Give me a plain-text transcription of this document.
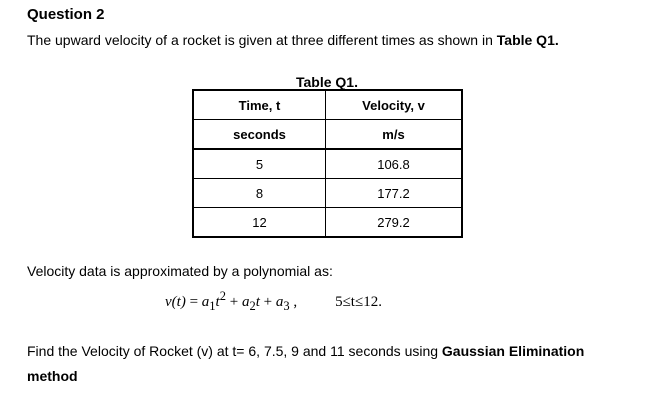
Question 2
The upward velocity of a rocket is given at three different times as shown in Table Q1.
Table Q1.
Time, t	Velocity, v
seconds	m/s
5	106.8
8	177.2
12	279.2
Velocity data is approximated by a polynomial as:
$v(t) = a_1t^2 + a_2t + a_3$ ,	5≤t≤12.
Find the Velocity of Rocket (v) at t= 6, 7.5, 9 and 11 seconds using Gaussian Elimination method
